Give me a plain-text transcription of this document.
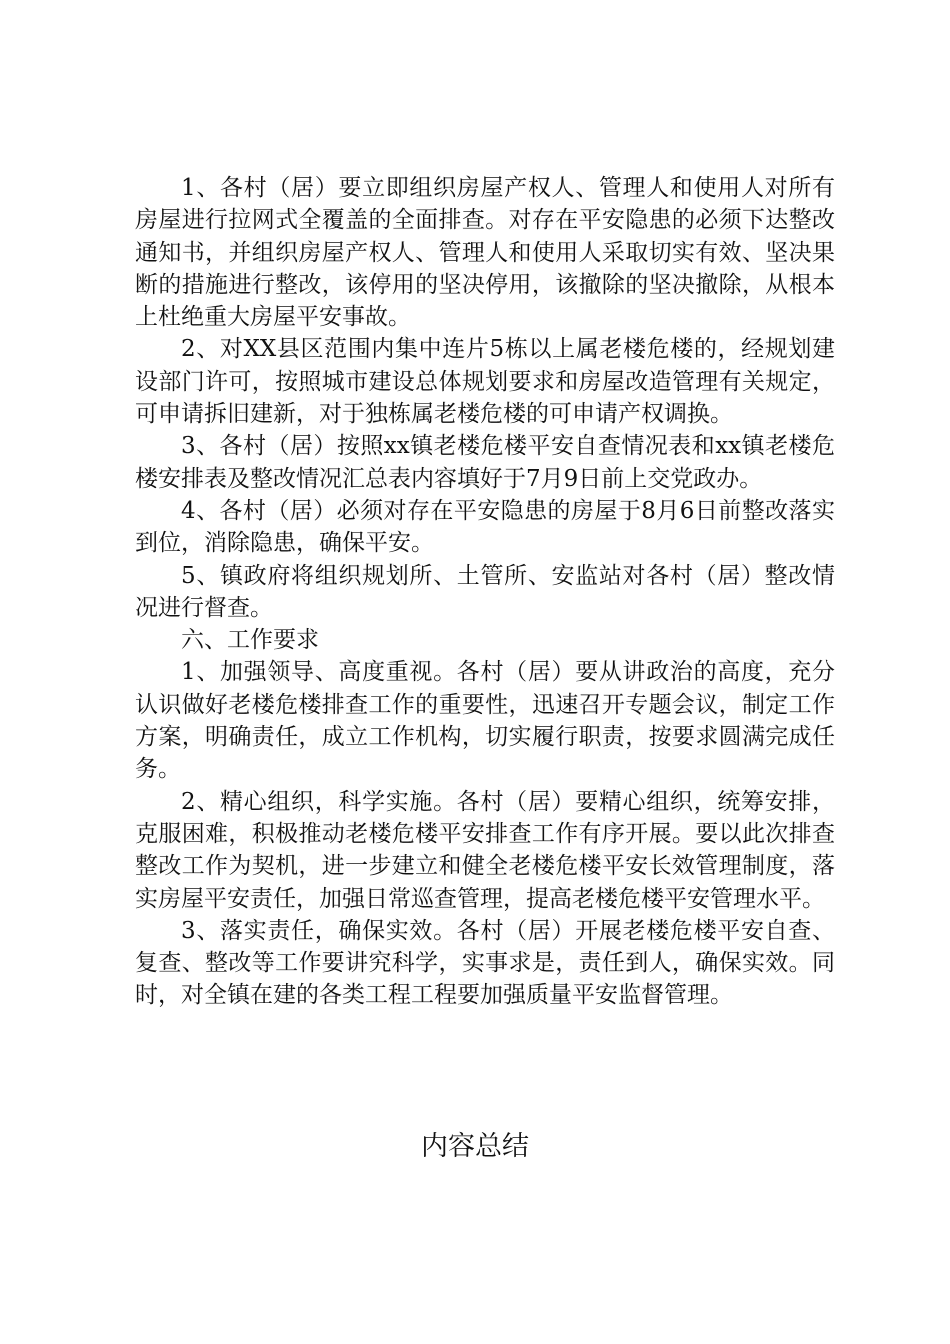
1、各村（居）要立即组织房屋产权人、管理人和使用人对所有房屋进行拉网式全覆盖的全面排查。对存在平安隐患的必须下达整改通知书，并组织房屋产权人、管理人和使用人采取切实有效、坚决果断的措施进行整改，该停用的坚决停用，该撤除的坚决撤除，从根本上杜绝重大房屋平安事故。

2、对XX县区范围内集中连片5栋以上属老楼危楼的，经规划建设部门许可，按照城市建设总体规划要求和房屋改造管理有关规定，可申请拆旧建新，对于独栋属老楼危楼的可申请产权调换。

3、各村（居）按照xx镇老楼危楼平安自查情况表和xx镇老楼危楼安排表及整改情况汇总表内容填好于7月9日前上交党政办。

4、各村（居）必须对存在平安隐患的房屋于8月6日前整改落实到位，消除隐患，确保平安。

5、镇政府将组织规划所、土管所、安监站对各村（居）整改情况进行督查。

六、工作要求

1、加强领导、高度重视。各村（居）要从讲政治的高度，充分认识做好老楼危楼排查工作的重要性，迅速召开专题会议，制定工作方案，明确责任，成立工作机构，切实履行职责，按要求圆满完成任务。

2、精心组织，科学实施。各村（居）要精心组织，统筹安排，克服困难，积极推动老楼危楼平安排查工作有序开展。要以此次排查整改工作为契机，进一步建立和健全老楼危楼平安长效管理制度，落实房屋平安责任，加强日常巡查管理，提高老楼危楼平安管理水平。

3、落实责任，确保实效。各村（居）开展老楼危楼平安自查、复查、整改等工作要讲究科学，实事求是，责任到人，确保实效。同时，对全镇在建的各类工程工程要加强质量平安监督管理。

内容总结
